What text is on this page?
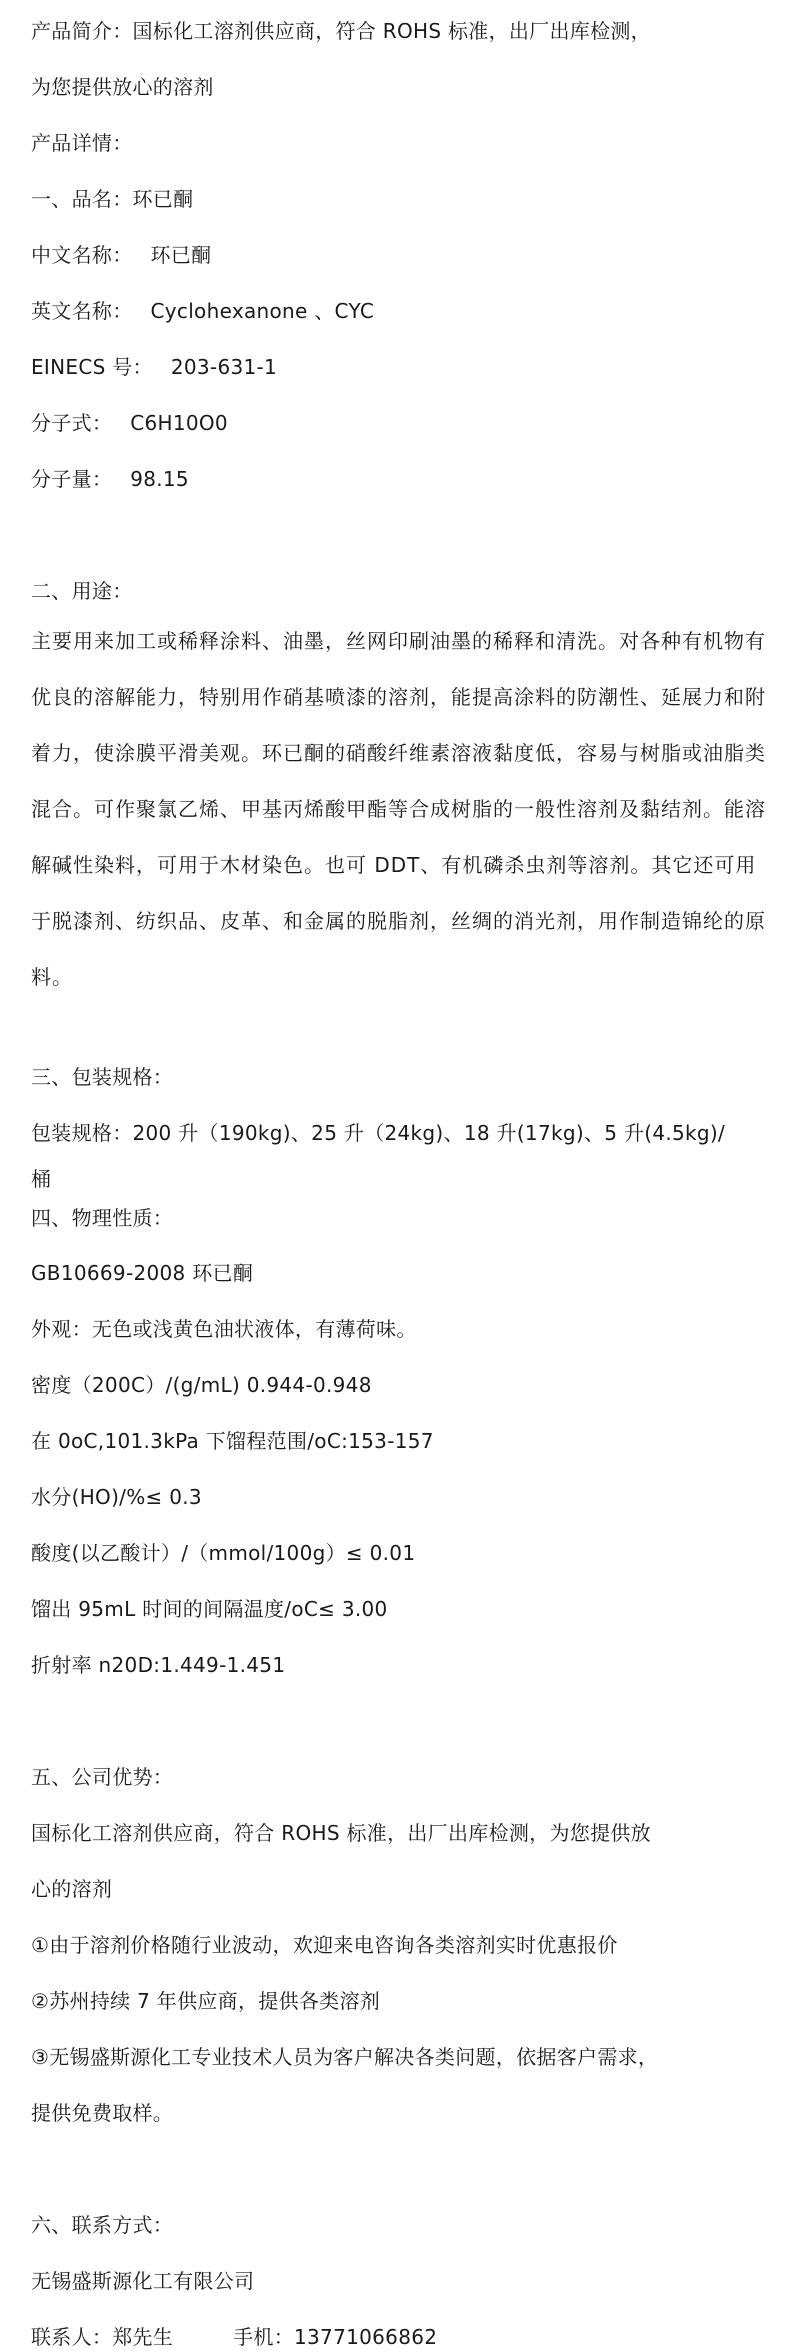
产品简介：国标化工溶剂供应商，符合 ROHS 标准，出厂出库检测，
为您提供放心的溶剂
产品详情：
一、品名：环已酮
中文名称： 环已酮
英文名称： Cyclohexanone 、CYC
EINECS 号： 203-631-1
分子式： C6H10O0
分子量： 98.15
二、用途：
主要用来加工或稀释涂料、油墨，丝网印刷油墨的稀释和清洗。对各种有机物有优良的溶解能力，特别用作硝基喷漆的溶剂，能提高涂料的防潮性、延展力和附着力，使涂膜平滑美观。环已酮的硝酸纤维素溶液黏度低，容易与树脂或油脂类混合。可作聚氯乙烯、甲基丙烯酸甲酯等合成树脂的一般性溶剂及黏结剂。能溶解碱性染料，可用于木材染色。也可 DDT、有机磷杀虫剂等溶剂。其它还可用于脱漆剂、纺织品、皮革、和金属的脱脂剂，丝绸的消光剂，用作制造锦纶的原料。
三、包装规格：
包装规格：200 升（190kg)、25 升（24kg)、18 升(17kg)、5 升(4.5kg)/
桶
四、物理性质：
GB10669-2008 环已酮
外观：无色或浅黄色油状液体，有薄荷味。
密度（200C）/(g/mL) 0.944-0.948
在 0oC,101.3kPa 下馏程范围/oC:153-157
水分(HO)/%≤ 0.3
酸度(以乙酸计）/（mmol/100g）≤ 0.01
馏出 95mL 时间的间隔温度/oC≤ 3.00
折射率 n20D:1.449-1.451
五、公司优势：
国标化工溶剂供应商，符合 ROHS 标准，出厂出库检测，为您提供放
心的溶剂
①由于溶剂价格随行业波动，欢迎来电咨询各类溶剂实时优惠报价
②苏州持续 7 年供应商，提供各类溶剂
③无锡盛斯源化工专业技术人员为客户解决各类问题，依据客户需求，
提供免费取样。
六、联系方式：
无锡盛斯源化工有限公司
联系人：郑先生	手机：13771066862
